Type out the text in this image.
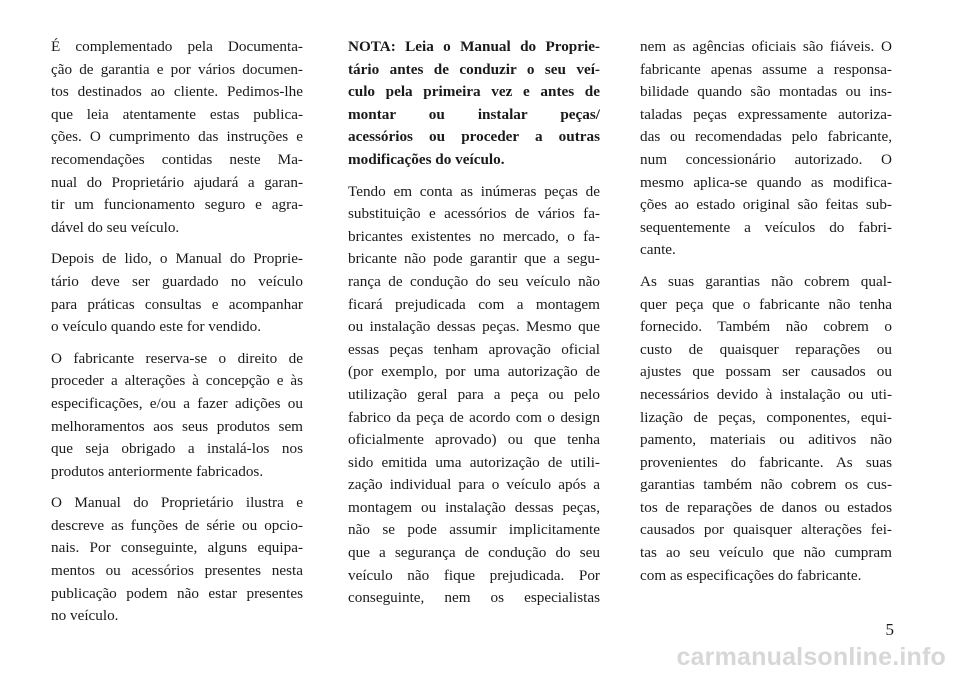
É complementado pela Documenta-
ção de garantia e por vários documen-
tos destinados ao cliente. Pedimos-lhe
que leia atentamente estas publica-
ções. O cumprimento das instruções e
recomendações contidas neste Ma-
nual do Proprietário ajudará a garan-
tir um funcionamento seguro e agra-
dável do seu veículo.

Depois de lido, o Manual do Proprie-
tário deve ser guardado no veículo
para práticas consultas e acompanhar
o veículo quando este for vendido.

O fabricante reserva-se o direito de
proceder a alterações à concepção e às
especificações, e/ou a fazer adições ou
melhoramentos aos seus produtos sem
que seja obrigado a instalá-los nos
produtos anteriormente fabricados.

O Manual do Proprietário ilustra e
descreve as funções de série ou opcio-
nais. Por conseguinte, alguns equipa-
mentos ou acessórios presentes nesta
publicação podem não estar presentes
no veículo.

NOTA: Leia o Manual do Proprie-
tário antes de conduzir o seu veí-
culo pela primeira vez e antes de
montar ou instalar peças/
acessórios ou proceder a outras
modificações do veículo.

Tendo em conta as inúmeras peças de
substituição e acessórios de vários fa-
bricantes existentes no mercado, o fa-
bricante não pode garantir que a segu-
rança de condução do seu veículo não
ficará prejudicada com a montagem
ou instalação dessas peças. Mesmo que
essas peças tenham aprovação oficial
(por exemplo, por uma autorização de
utilização geral para a peça ou pelo
fabrico da peça de acordo com o design
oficialmente aprovado) ou que tenha
sido emitida uma autorização de utili-
zação individual para o veículo após a
montagem ou instalação dessas peças,
não se pode assumir implicitamente
que a segurança de condução do seu
veículo não fique prejudicada. Por
conseguinte, nem os especialistas

nem as agências oficiais são fiáveis. O
fabricante apenas assume a responsa-
bilidade quando são montadas ou ins-
taladas peças expressamente autoriza-
das ou recomendadas pelo fabricante,
num concessionário autorizado. O
mesmo aplica-se quando as modifica-
ções ao estado original são feitas sub-
sequentemente a veículos do fabri-
cante.

As suas garantias não cobrem qual-
quer peça que o fabricante não tenha
fornecido. Também não cobrem o
custo de quaisquer reparações ou
ajustes que possam ser causados ou
necessários devido à instalação ou uti-
lização de peças, componentes, equi-
pamento, materiais ou aditivos não
provenientes do fabricante. As suas
garantias também não cobrem os cus-
tos de reparações de danos ou estados
causados por quaisquer alterações fei-
tas ao seu veículo que não cumpram
com as especificações do fabricante.

5
carmanualsonline.info
